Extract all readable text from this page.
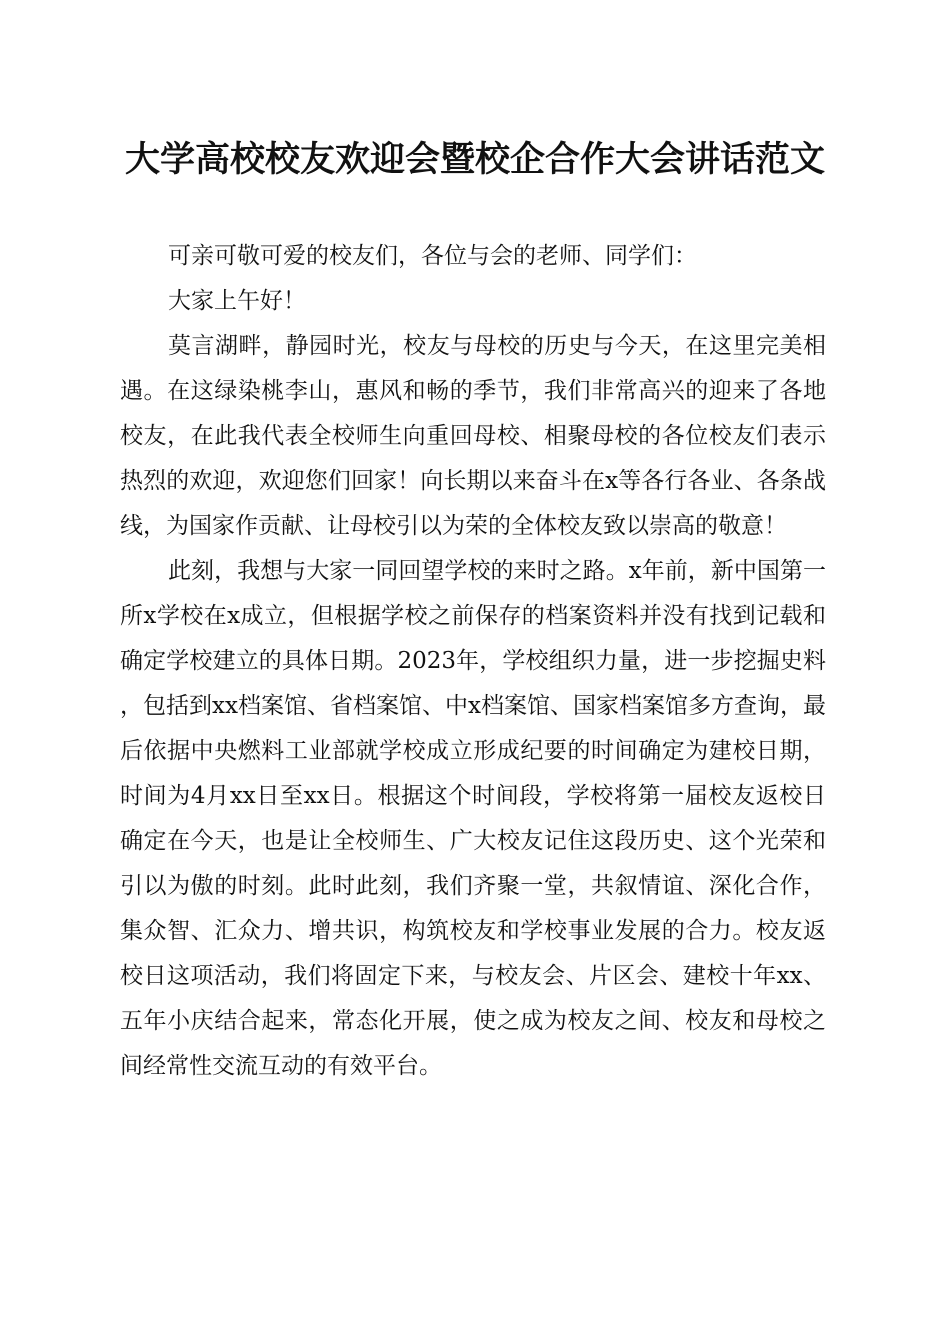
大学高校校友欢迎会暨校企合作大会讲话范文

可亲可敬可爱的校友们，各位与会的老师、同学们：

大家上午好！

莫言湖畔，静园时光，校友与母校的历史与今天，在这里完美相遇。在这绿染桃李山，惠风和畅的季节，我们非常高兴的迎来了各地校友，在此我代表全校师生向重回母校、相聚母校的各位校友们表示热烈的欢迎，欢迎您们回家！向长期以来奋斗在x等各行各业、各条战线，为国家作贡献、让母校引以为荣的全体校友致以崇高的敬意！

此刻，我想与大家一同回望学校的来时之路。x年前，新中国第一所x学校在x成立，但根据学校之前保存的档案资料并没有找到记载和确定学校建立的具体日期。2023年，学校组织力量，进一步挖掘史料，包括到xx档案馆、省档案馆、中x档案馆、国家档案馆多方查询，最后依据中央燃料工业部就学校成立形成纪要的时间确定为建校日期，时间为4月xx日至xx日。根据这个时间段，学校将第一届校友返校日确定在今天，也是让全校师生、广大校友记住这段历史、这个光荣和引以为傲的时刻。此时此刻，我们齐聚一堂，共叙情谊、深化合作，集众智、汇众力、增共识，构筑校友和学校事业发展的合力。校友返校日这项活动，我们将固定下来，与校友会、片区会、建校十年xx、五年小庆结合起来，常态化开展，使之成为校友之间、校友和母校之间经常性交流互动的有效平台。
